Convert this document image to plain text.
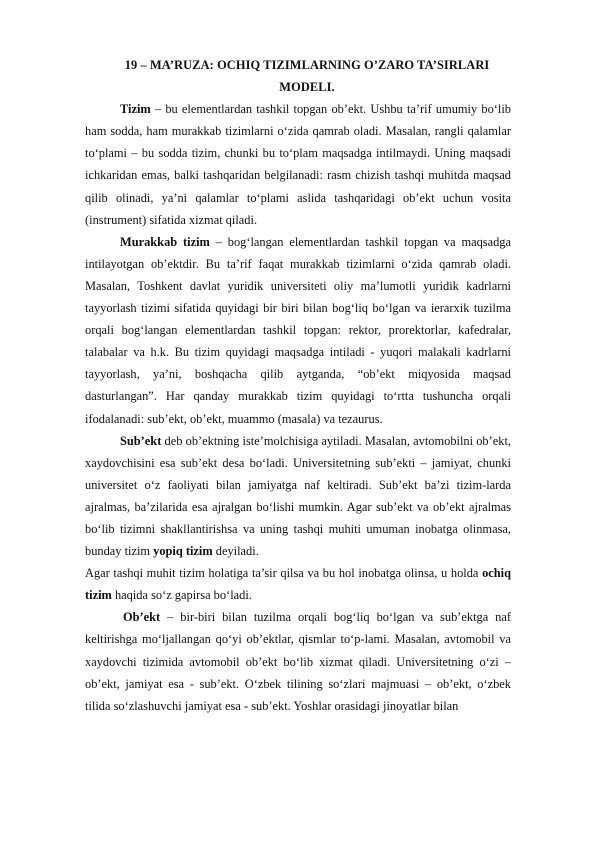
19 – MA’RUZA: OCHIQ TIZIMLARNING O’ZARO TA’SIRLARI MODELI.

Tizim – bu elementlardan tashkil topgan ob’ekt. Ushbu ta’rif umumiy bo‘lib ham sodda, ham murakkab tizimlarni o‘zida qamrab oladi. Masalan, rangli qalamlar to‘plami – bu sodda tizim, chunki bu to‘plam maqsadga intilmaydi. Uning maqsadi ichkaridan emas, balki tashqaridan belgilanadi: rasm chizish tashqi muhitda maqsad qilib olinadi, ya’ni qalamlar to‘plami aslida tashqaridagi ob’ekt uchun vosita (instrument) sifatida xizmat qiladi.

Murakkab tizim – bog‘langan elementlardan tashkil topgan va maqsadga intilayotgan ob’ektdir. Bu ta’rif faqat murakkab tizimlarni o‘zida qamrab oladi. Masalan, Toshkent davlat yuridik universiteti oliy ma’lumotli yuridik kadrlarni tayyorlash tizimi sifatida quyidagi bir biri bilan bog‘liq bo‘lgan va ierarxik tuzilma orqali bog‘langan elementlardan tashkil topgan: rektor, prorektorlar, kafedralar, talabalar va h.k. Bu tizim quyidagi maqsadga intiladi - yuqori malakali kadrlarni tayyorlash, ya’ni, boshqacha qilib aytganda, “ob’ekt miqyosida maqsad dasturlangan”. Har qanday murakkab tizim quyidagi to‘rtta tushuncha orqali ifodalanadi: sub’ekt, ob’ekt, muammo (masala) va tezaurus.

Sub’ekt deb ob’ektning iste’molchisiga aytiladi. Masalan, avtomobilni ob’ekt, xaydovchisini esa sub’ekt desa bo‘ladi. Universitetning sub’ekti – jamiyat, chunki universitet o‘z faoliyati bilan jamiyatga naf keltiradi. Sub’ekt ba’zi tizim-larda ajralmas, ba’zilarida esa ajralgan bo‘lishi mumkin. Agar sub’ekt va ob’ekt ajralmas bo‘lib tizimni shakllantirishsa va uning tashqi muhiti umuman inobatga olinmasa, bunday tizim yopiq tizim deyiladi.

Agar tashqi muhit tizim holatiga ta’sir qilsa va bu hol inobatga olinsa, u holda ochiq tizim haqida so‘z gapirsa bo‘ladi.

Ob’ekt – bir-biri bilan tuzilma orqali bog‘liq bo‘lgan va sub’ektga naf keltirishga mo‘ljallangan qo‘yi ob’ektlar, qismlar to‘p-lami. Masalan, avtomobil va xaydovchi tizimida avtomobil ob’ekt bo‘lib xizmat qiladi. Universitetning o‘zi – ob’ekt, jamiyat esa - sub’ekt. O‘zbek tilining so‘zlari majmuasi – ob’ekt, o‘zbek tilida so‘zlashuvchi jamiyat esa - sub’ekt. Yoshlar orasidagi jinoyatlar bilan
